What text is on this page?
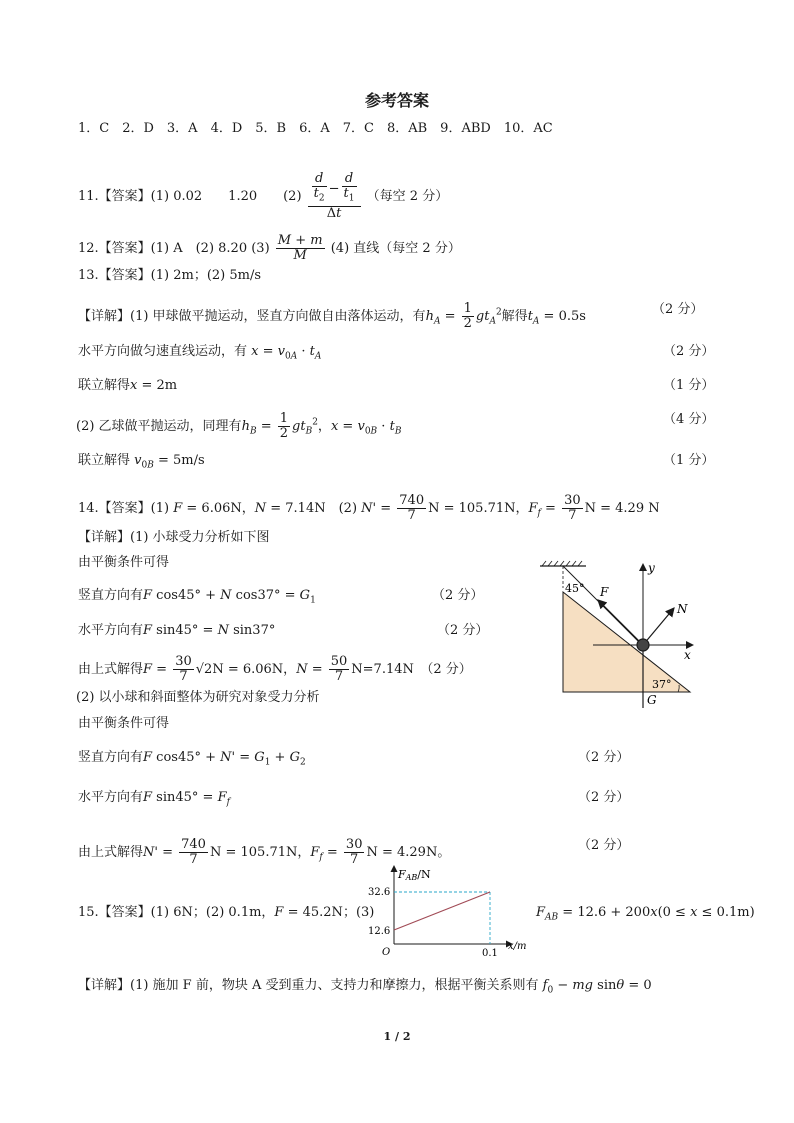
参考答案
1．C　2．D　3．A　4．D　5．B　6．A　7．C　8．AB　9．ABD　10．AC
11.【答案】(1) 0.02　　1.20　　$(2) \frac{\frac{d}{t_2} - \frac{d}{t_1}}{\Delta t}$ （每空 2 分）
12.【答案】(1) A　(2) 8.20 $(3) \frac{M + m}{M} (4)$ 直线（每空 2 分）
13.【答案】(1) 2m；(2) 5m/s
【详解】(1) 甲球做平抛运动，竖直方向做自由落体运动，有$h_A = \frac{1}{2} gt_A^2$解得$t_A = 0.5s$	（2 分）
水平方向做匀速直线运动，有 $x = v_{0A} \cdot t_A$	（2 分）
联立解得x = 2m	（1 分）
(2) 乙球做平抛运动，同理有$h_B = \frac{1}{2} gt_B^2$，$x = v_{0B} \cdot t_B$
（4 分）
联立解得 $v_{0B} = 5m/s$	（1 分）
14.【答案】(1) F = 6.06N，N = 7.14N　(2) $N' = \frac{740}{7}$ N = 105.71N，$F_f = \frac{30}{7}$ N = 4.29 N
【详解】(1) 小球受力分析如下图
由平衡条件可得
竖直方向有F cos45° + N $\cos 37^\circ = G_1$	（2 分）
水平方向有F sin45° = N sin37°	（2 分）
由上式解得$F = \frac{30}{7} √2N = 6.06N$，$N = \frac{50}{7} N=7.14N$　（2 分）
(2) 以小球和斜面整体为研究对象受力分析
由平衡条件可得
竖直方向有F $\cos 45^\circ + N' = G_1 + G_2$	（2 分）
水平方向有F $\sin 45^\circ = F_f$	（2 分）
由上式解得$N' = \frac{740}{7}$ N = 105.71N，$F_f = \frac{30}{7}$ N = 4.29N。	（2 分）
45°
37°
F
N
G
x
y
15.【答案】(1) 6N；(2) 0.1m，F = 45.2N；(3)
FAB/N
32.6
12.6
O	0.1
x/m
$F_{AB} = 12.6 + 200x(0 \le x \le 0.1m)$
【详解】(1) 施加 F 前，物块 A 受到重力、支持力和摩擦力，根据平衡关系则有 $f_0$ − mg sinθ = 0
1 / 2
